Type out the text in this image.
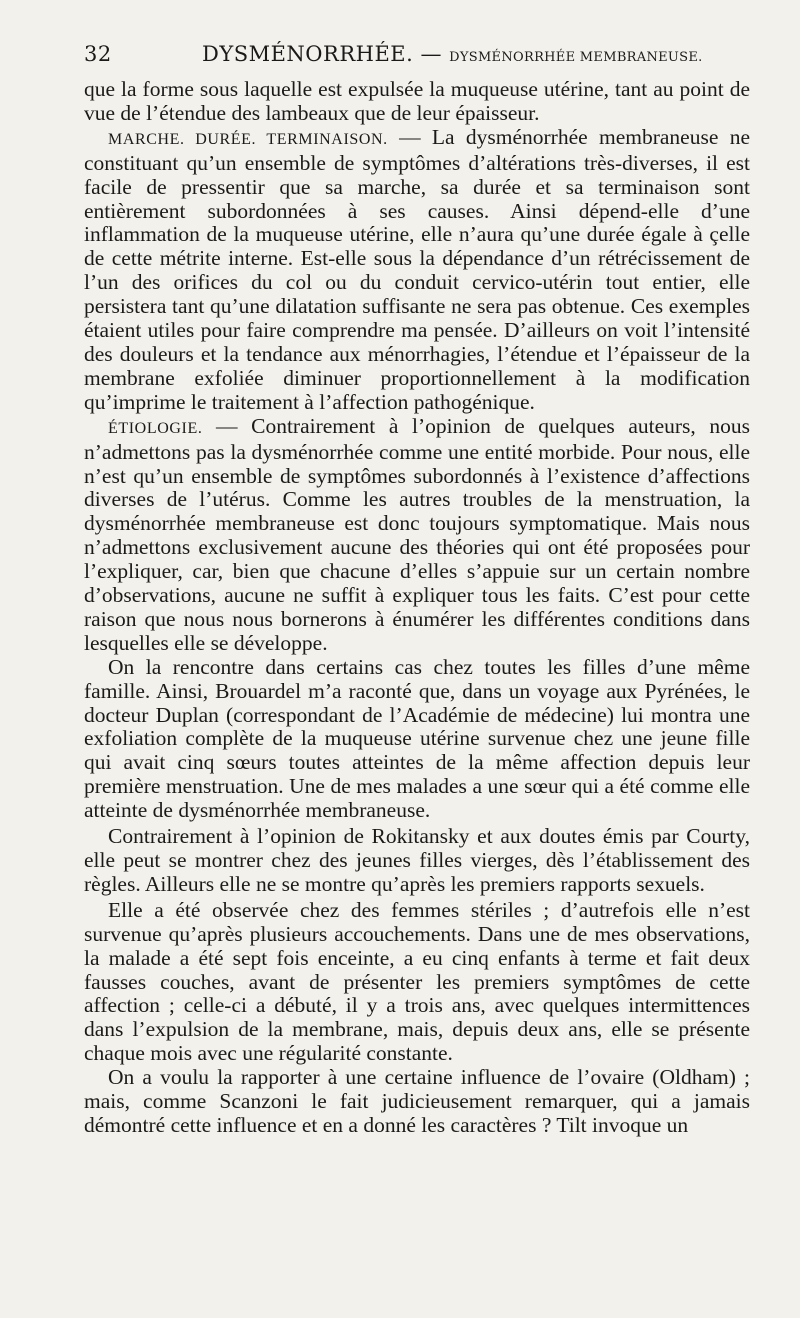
32	DYSMÉNORRHÉE. — DYSMÉNORRHÉE MEMBRANEUSE.

que la forme sous laquelle est expulsée la muqueuse utérine, tant au point de vue de l’étendue des lambeaux que de leur épaisseur.

MARCHE. DURÉE. TERMINAISON. — La dysménorrhée membraneuse ne constituant qu’un ensemble de symptômes d’altérations très-diverses, il est facile de pressentir que sa marche, sa durée et sa terminaison sont entièrement subordonnées à ses causes. Ainsi dépend-elle d’une inflammation de la muqueuse utérine, elle n’aura qu’une durée égale à çelle de cette métrite interne. Est-elle sous la dépendance d’un rétrécissement de l’un des orifices du col ou du conduit cervico-utérin tout entier, elle persistera tant qu’une dilatation suffisante ne sera pas obtenue. Ces exemples étaient utiles pour faire comprendre ma pensée. D’ailleurs on voit l’intensité des douleurs et la tendance aux ménorrhagies, l’étendue et l’épaisseur de la membrane exfoliée diminuer proportionnellement à la modification qu’imprime le traitement à l’affection pathogénique.

ÉTIOLOGIE. — Contrairement à l’opinion de quelques auteurs, nous n’admettons pas la dysménorrhée comme une entité morbide. Pour nous, elle n’est qu’un ensemble de symptômes subordonnés à l’existence d’affections diverses de l’utérus. Comme les autres troubles de la menstruation, la dysménorrhée membraneuse est donc toujours symptomatique. Mais nous n’admettons exclusivement aucune des théories qui ont été proposées pour l’expliquer, car, bien que chacune d’elles s’appuie sur un certain nombre d’observations, aucune ne suffit à expliquer tous les faits. C’est pour cette raison que nous nous bornerons à énumérer les différentes conditions dans lesquelles elle se développe.

On la rencontre dans certains cas chez toutes les filles d’une même famille. Ainsi, Brouardel m’a raconté que, dans un voyage aux Pyrénées, le docteur Duplan (correspondant de l’Académie de médecine) lui montra une exfoliation complète de la muqueuse utérine survenue chez une jeune fille qui avait cinq sœurs toutes atteintes de la même affection depuis leur première menstruation. Une de mes malades a une sœur qui a été comme elle atteinte de dysménorrhée membraneuse.

Contrairement à l’opinion de Rokitansky et aux doutes émis par Courty, elle peut se montrer chez des jeunes filles vierges, dès l’établissement des règles. Ailleurs elle ne se montre qu’après les premiers rapports sexuels.

Elle a été observée chez des femmes stériles ; d’autrefois elle n’est survenue qu’après plusieurs accouchements. Dans une de mes observations, la malade a été sept fois enceinte, a eu cinq enfants à terme et fait deux fausses couches, avant de présenter les premiers symptômes de cette affection ; celle-ci a débuté, il y a trois ans, avec quelques intermittences dans l’expulsion de la membrane, mais, depuis deux ans, elle se présente chaque mois avec une régularité constante.

On a voulu la rapporter à une certaine influence de l’ovaire (Oldham) ; mais, comme Scanzoni le fait judicieusement remarquer, qui a jamais démontré cette influence et en a donné les caractères ? Tilt invoque un
